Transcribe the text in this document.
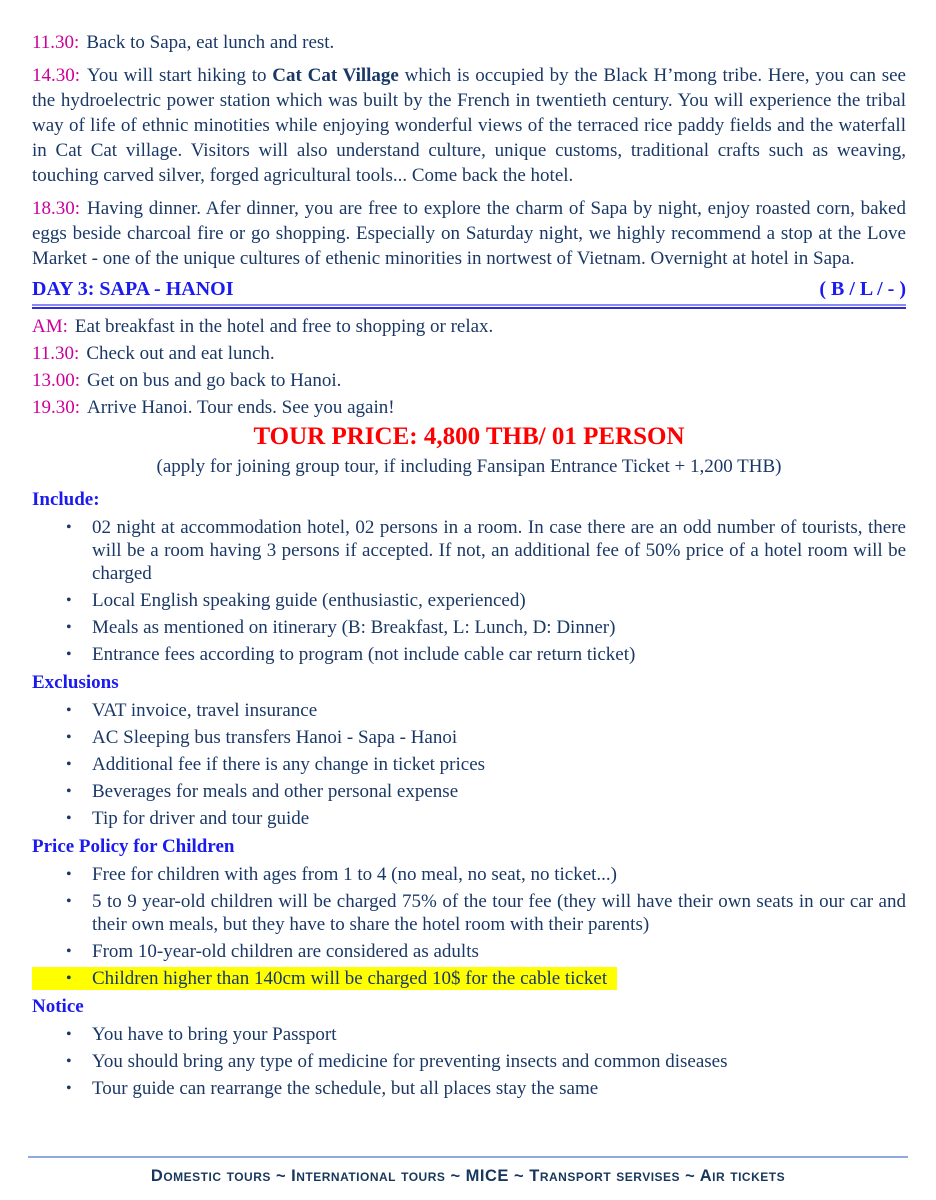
11.30: Back to Sapa, eat lunch and rest.

14.30: You will start hiking to Cat Cat Village which is occupied by the Black H’mong tribe. Here, you can see the hydroelectric power station which was built by the French in twentieth century. You will experience the tribal way of life of ethnic minotities while enjoying wonderful views of the terraced rice paddy fields and the waterfall in Cat Cat village. Visitors will also understand culture, unique customs, traditional crafts such as weaving, touching carved silver, forged agricultural tools... Come back the hotel.

18.30: Having dinner. Afer dinner, you are free to explore the charm of Sapa by night, enjoy roasted corn, baked eggs beside charcoal fire or go shopping. Especially on Saturday night, we highly recommend a stop at the Love Market - one of the unique cultures of ethenic minorities in nortwest of Vietnam. Overnight at hotel in Sapa.

DAY 3: SAPA - HANOI	( B / L / - )

AM: Eat breakfast in the hotel and free to shopping or relax.

11.30: Check out and eat lunch.

13.00: Get on bus and go back to Hanoi.

19.30: Arrive Hanoi. Tour ends. See you again!

TOUR PRICE: 4,800 THB/ 01 PERSON
(apply for joining group tour, if including Fansipan Entrance Ticket + 1,200 THB)
Include:
• 02 night at accommodation hotel, 02 persons in a room. In case there are an odd number of tourists, there will be a room having 3 persons if accepted. If not, an additional fee of 50% price of a hotel room will be charged
• Local English speaking guide (enthusiastic, experienced)
• Meals as mentioned on itinerary (B: Breakfast, L: Lunch, D: Dinner)
• Entrance fees according to program (not include cable car return ticket)
Exclusions
• VAT invoice, travel insurance
• AC Sleeping bus transfers Hanoi - Sapa - Hanoi
• Additional fee if there is any change in ticket prices
• Beverages for meals and other personal expense
• Tip for driver and tour guide
Price Policy for Children
• Free for children with ages from 1 to 4 (no meal, no seat, no ticket...)
• 5 to 9 year-old children will be charged 75% of the tour fee (they will have their own seats in our car and their own meals, but they have to share the hotel room with their parents)
• From 10-year-old children are considered as adults
• Children higher than 140cm will be charged 10$ for the cable ticket
Notice
• You have to bring your Passport
• You should bring any type of medicine for preventing insects and common diseases
• Tour guide can rearrange the schedule, but all places stay the same
Domestic tours ~ International tours ~ MICE ~ Transport servises ~ Air tickets
